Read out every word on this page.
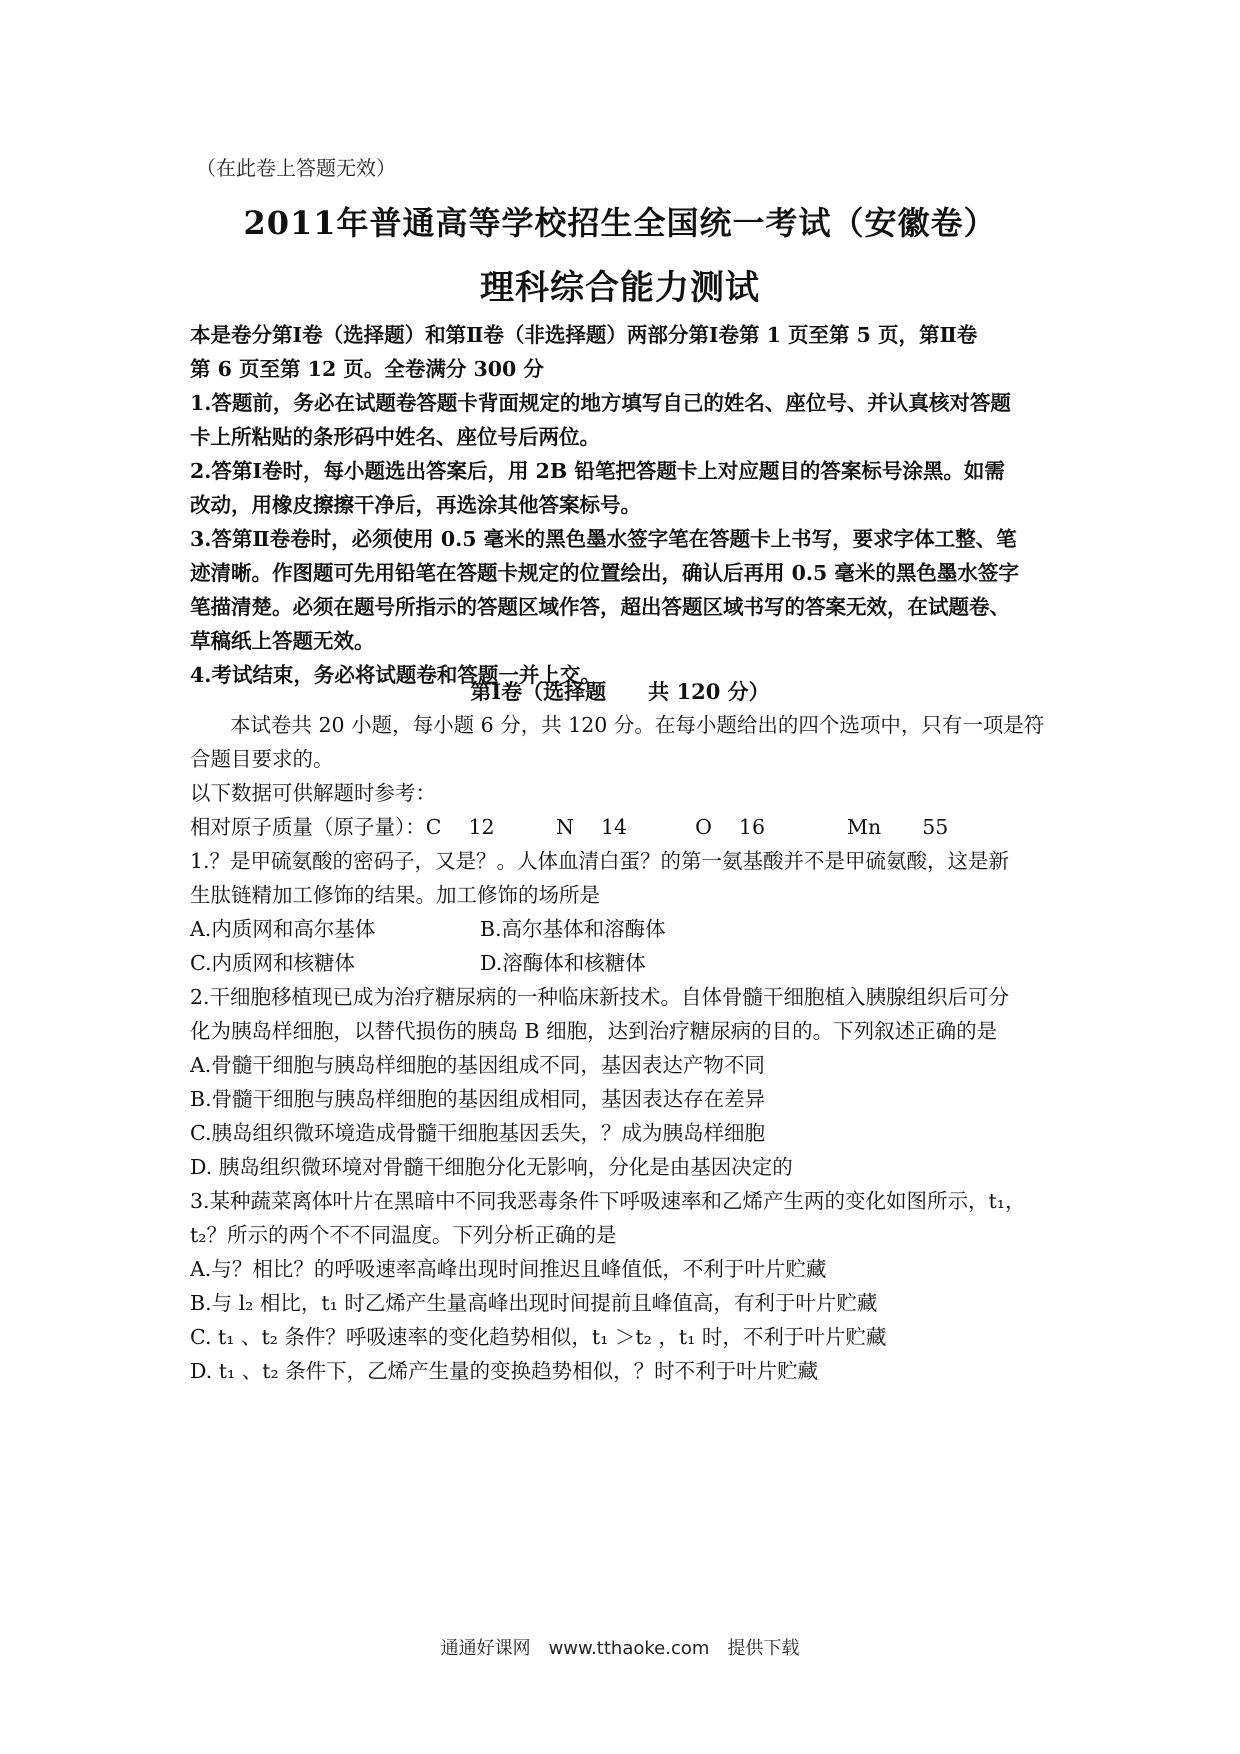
（在此卷上答题无效）
2011年普通高等学校招生全国统一考试（安徽卷）
理科综合能力测试
本是卷分第Ⅰ卷（选择题）和第Ⅱ卷（非选择题）两部分第Ⅰ卷第 1 页至第 5 页，第Ⅱ卷
第 6 页至第 12 页。全卷满分 300 分
1.答题前，务必在试题卷答题卡背面规定的地方填写自己的姓名、座位号、并认真核对答题
卡上所粘贴的条形码中姓名、座位号后两位。
2.答第Ⅰ卷时，每小题选出答案后，用 2B 铅笔把答题卡上对应题目的答案标号涂黑。如需
改动，用橡皮擦擦干净后，再选涂其他答案标号。
3.答第Ⅱ卷卷时，必须使用 0.5 毫米的黑色墨水签字笔在答题卡上书写，要求字体工整、笔
迹清晰。作图题可先用铅笔在答题卡规定的位置绘出，确认后再用 0.5 毫米的黑色墨水签字
笔描清楚。必须在题号所指示的答题区域作答，超出答题区域书写的答案无效，在试题卷、
草稿纸上答题无效。
4.考试结束，务必将试题卷和答题一并上交。
第Ⅰ卷（选择题　　共 120 分）
本试卷共 20 小题，每小题 6 分，共 120 分。在每小题给出的四个选项中，只有一项是符
合题目要求的。
以下数据可供解题时参考：
相对原子质量（原子量）：C　 12　　　N　 14　　　 O　 16　　　　Mn　　55
1.？是甲硫氨酸的密码子，又是？。人体血清白蛋？的第一氨基酸并不是甲硫氨酸，这是新
生肽链精加工修饰的结果。加工修饰的场所是
A.内质网和高尔基体	B.高尔基体和溶酶体
C.内质网和核糖体	D.溶酶体和核糖体
2.干细胞移植现已成为治疗糖尿病的一种临床新技术。自体骨髓干细胞植入胰腺组织后可分
化为胰岛样细胞，以替代损伤的胰岛 B 细胞，达到治疗糖尿病的目的。下列叙述正确的是
A.骨髓干细胞与胰岛样细胞的基因组成不同，基因表达产物不同
B.骨髓干细胞与胰岛样细胞的基因组成相同，基因表达存在差异
C.胰岛组织微环境造成骨髓干细胞基因丢失，？成为胰岛样细胞
D. 胰岛组织微环境对骨髓干细胞分化无影响，分化是由基因决定的
3.某种蔬菜离体叶片在黑暗中不同我恶毒条件下呼吸速率和乙烯产生两的变化如图所示，t₁，
t₂？所示的两个不不同温度。下列分析正确的是
A.与？相比？的呼吸速率高峰出现时间推迟且峰值低，不利于叶片贮藏
B.与 l₂ 相比，t₁ 时乙烯产生量高峰出现时间提前且峰值高，有利于叶片贮藏
C. t₁ 、t₂ 条件？呼吸速率的变化趋势相似，t₁ ＞t₂ ，t₁ 时，不利于叶片贮藏
D. t₁ 、t₂ 条件下，乙烯产生量的变换趋势相似，？时不利于叶片贮藏
通通好课网　www.tthaoke.com　提供下载
